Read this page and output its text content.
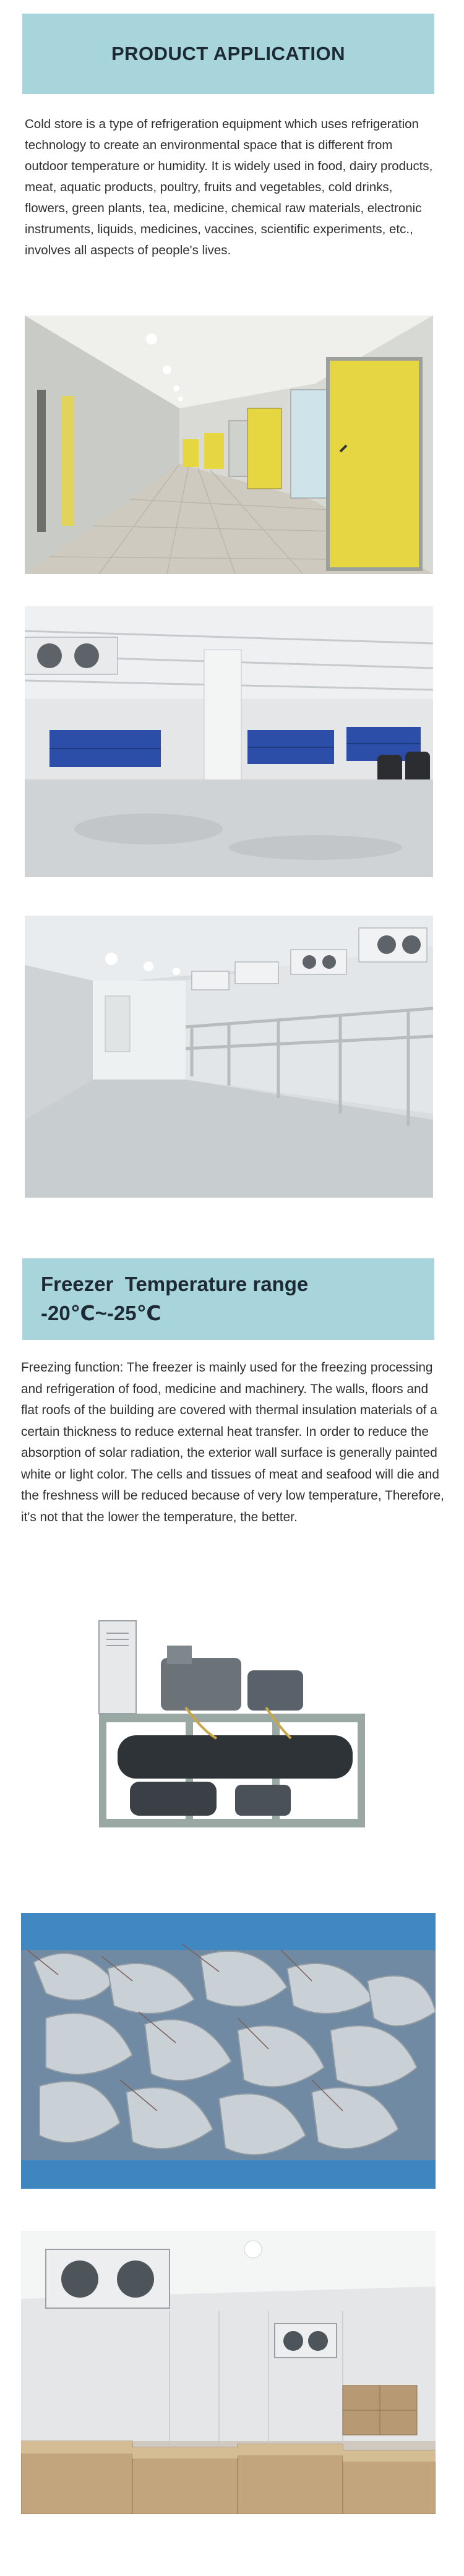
PRODUCT APPLICATION
Cold store is a type of refrigeration equipment which uses refrigeration technology to create an environmental space that is different from outdoor temperature or humidity. It is widely used in food, dairy products, meat, aquatic products, poultry, fruits and vegetables, cold drinks, flowers, green plants, tea, medicine, chemical raw materials, electronic instruments, liquids, medicines, vaccines, scientific experiments, etc., involves all aspects of people's lives.
Freezer  Temperature range
-20℃~-25℃
Freezing function: The freezer is mainly used for the freezing processing and refrigeration of food, medicine and machinery. The walls, floors and flat roofs of the building are covered with thermal insulation materials of a certain thickness to reduce external heat transfer. In order to reduce the absorption of solar radiation, the exterior wall surface is generally painted white or light color. The cells and tissues of meat and seafood will die and the freshness will be reduced because of very low temperature, Therefore, it's not that the lower the temperature, the better.
